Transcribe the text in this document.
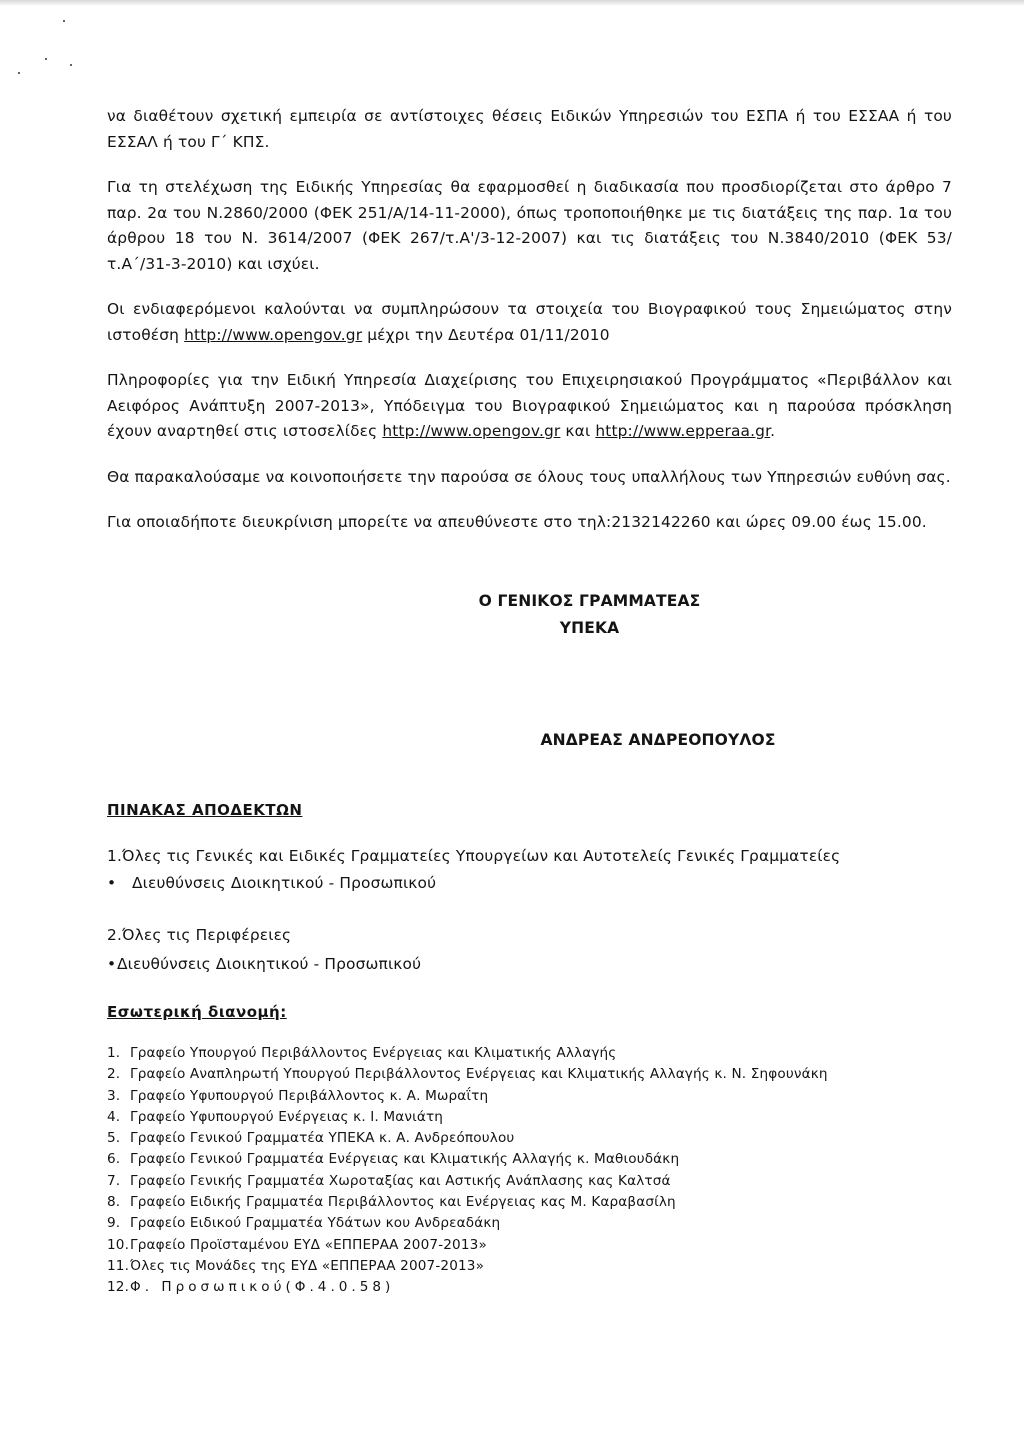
να διαθέτουν σχετική εμπειρία σε αντίστοιχες θέσεις Ειδικών Υπηρεσιών του ΕΣΠΑ ή του ΕΣΣΑΑ ή του ΕΣΣΑΛ ή του Γ΄ ΚΠΣ.

Για τη στελέχωση της Ειδικής Υπηρεσίας θα εφαρμοσθεί η διαδικασία που προσδιορίζεται στο άρθρο 7 παρ. 2α του Ν.2860/2000 (ΦΕΚ 251/Α/14-11-2000), όπως τροποποιήθηκε με τις διατάξεις της παρ. 1α του άρθρου 18 του Ν. 3614/2007 (ΦΕΚ 267/τ.Α'/3-12-2007) και τις διατάξεις του Ν.3840/2010 (ΦΕΚ 53/τ.Α΄/31-3-2010) και ισχύει.

Οι ενδιαφερόμενοι καλούνται να συμπληρώσουν τα στοιχεία του Βιογραφικού τους Σημειώματος στην ιστοθέση http://www.opengov.gr μέχρι την Δευτέρα 01/11/2010

Πληροφορίες για την Ειδική Υπηρεσία Διαχείρισης του Επιχειρησιακού Προγράμματος «Περιβάλλον και Αειφόρος Ανάπτυξη 2007-2013», Υπόδειγμα του Βιογραφικού Σημειώματος και η παρούσα πρόσκληση έχουν αναρτηθεί στις ιστοσελίδες http://www.opengov.gr και http://www.epperaa.gr.

Θα παρακαλούσαμε να κοινοποιήσετε την παρούσα σε όλους τους υπαλλήλους των Υπηρεσιών ευθύνη σας.

Για οποιαδήποτε διευκρίνιση μπορείτε να απευθύνεστε στο τηλ:2132142260 και ώρες 09.00 έως 15.00.

Ο ΓΕΝΙΚΟΣ ΓΡΑΜΜΑΤΕΑΣ
ΥΠΕΚΑ
ΑΝΔΡΕΑΣ ΑΝΔΡΕΟΠΟΥΛΟΣ
ΠΙΝΑΚΑΣ ΑΠΟΔΕΚΤΩΝ

1.Όλες τις Γενικές και Ειδικές Γραμματείες Υπουργείων και Αυτοτελείς Γενικές Γραμματείες

• Διευθύνσεις Διοικητικού - Προσωπικού

2.Όλες τις Περιφέρειες

•Διευθύνσεις Διοικητικού - Προσωπικού

Εσωτερική διανομή:
1. Γραφείο Υπουργού Περιβάλλοντος Ενέργειας και Κλιματικής Αλλαγής
2. Γραφείο Αναπληρωτή Υπουργού Περιβάλλοντος Ενέργειας και Κλιματικής Αλλαγής κ. Ν. Σηφουνάκη
3. Γραφείο Υφυπουργού Περιβάλλοντος κ. Α. Μωραΐτη
4. Γραφείο Υφυπουργού Ενέργειας κ. Ι. Μανιάτη
5. Γραφείο Γενικού Γραμματέα ΥΠΕΚΑ κ. Α. Ανδρεόπουλου
6. Γραφείο Γενικού Γραμματέα Ενέργειας και Κλιματικής Αλλαγής κ. Μαθιουδάκη
7. Γραφείο Γενικής Γραμματέα Χωροταξίας και Αστικής Ανάπλασης κας Καλτσά
8. Γραφείο Ειδικής Γραμματέα Περιβάλλοντος και Ενέργειας κας Μ. Καραβασίλη
9. Γραφείο Ειδικού Γραμματέα Υδάτων κου Ανδρεαδάκη
10. Γραφείο Προϊσταμένου ΕΥΔ «ΕΠΠΕΡΑΑ 2007-2013»
11. Όλες τις Μονάδες της ΕΥΔ «ΕΠΠΕΡΑΑ 2007-2013»
12. Φ. Προσωπικού(Φ.4.0.58)
